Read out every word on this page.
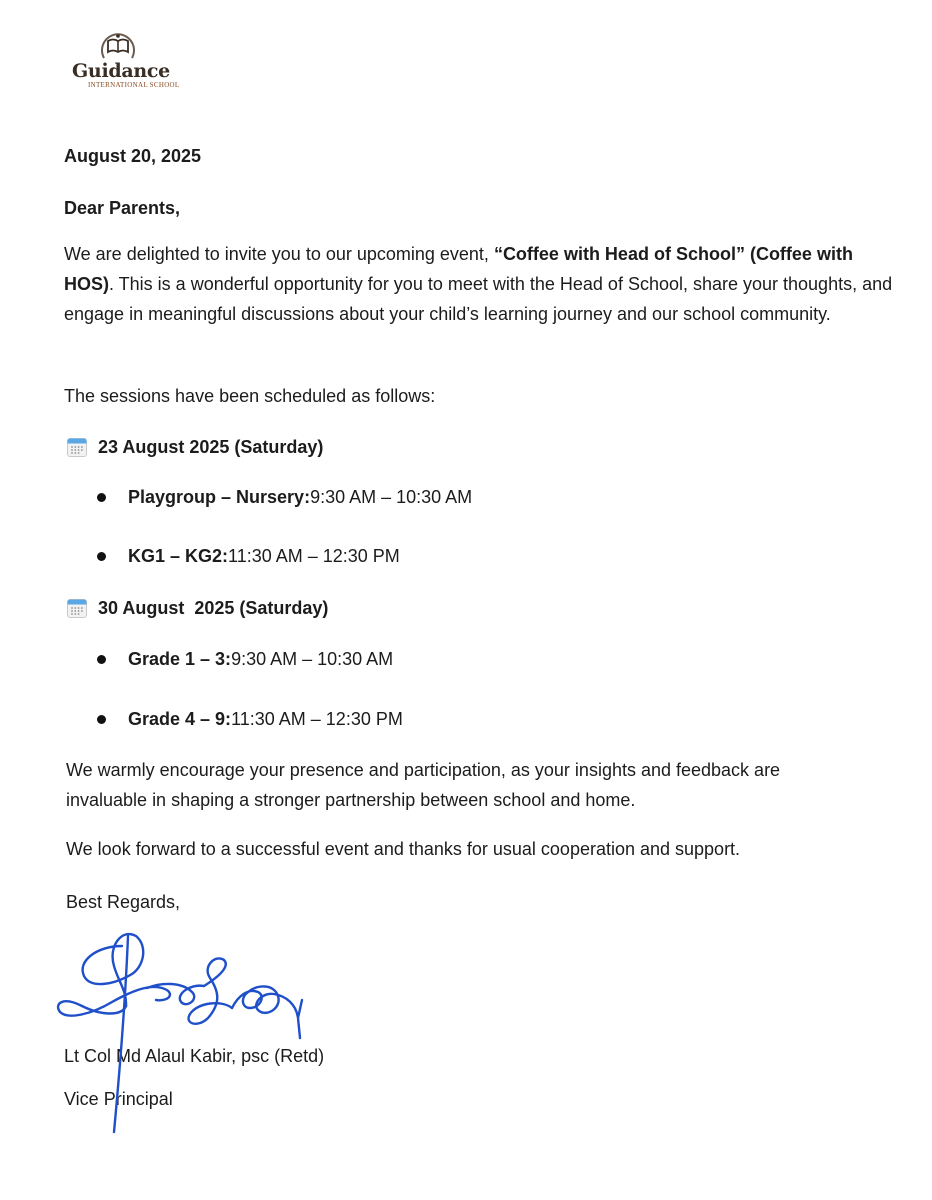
Guidance
INTERNATIONAL SCHOOL
August 20, 2025
Dear Parents,

We are delighted to invite you to our upcoming event, “Coffee with Head of School” (Coffee with HOS). This is a wonderful opportunity for you to meet with the Head of School, share your thoughts, and engage in meaningful discussions about your child’s learning journey and our school community.

The sessions have been scheduled as follows:
23 August 2025 (Saturday)
Playgroup – Nursery: 9:30 AM – 10:30 AM
KG1 – KG2: 11:30 AM – 12:30 PM
30 August  2025 (Saturday)
Grade 1 – 3: 9:30 AM – 10:30 AM
Grade 4 – 9: 11:30 AM – 12:30 PM

We warmly encourage your presence and participation, as your insights and feedback are invaluable in shaping a stronger partnership between school and home.

We look forward to a successful event and thanks for usual cooperation and support.
Best Regards,
Lt Col Md Alaul Kabir, psc (Retd)
Vice Principal
